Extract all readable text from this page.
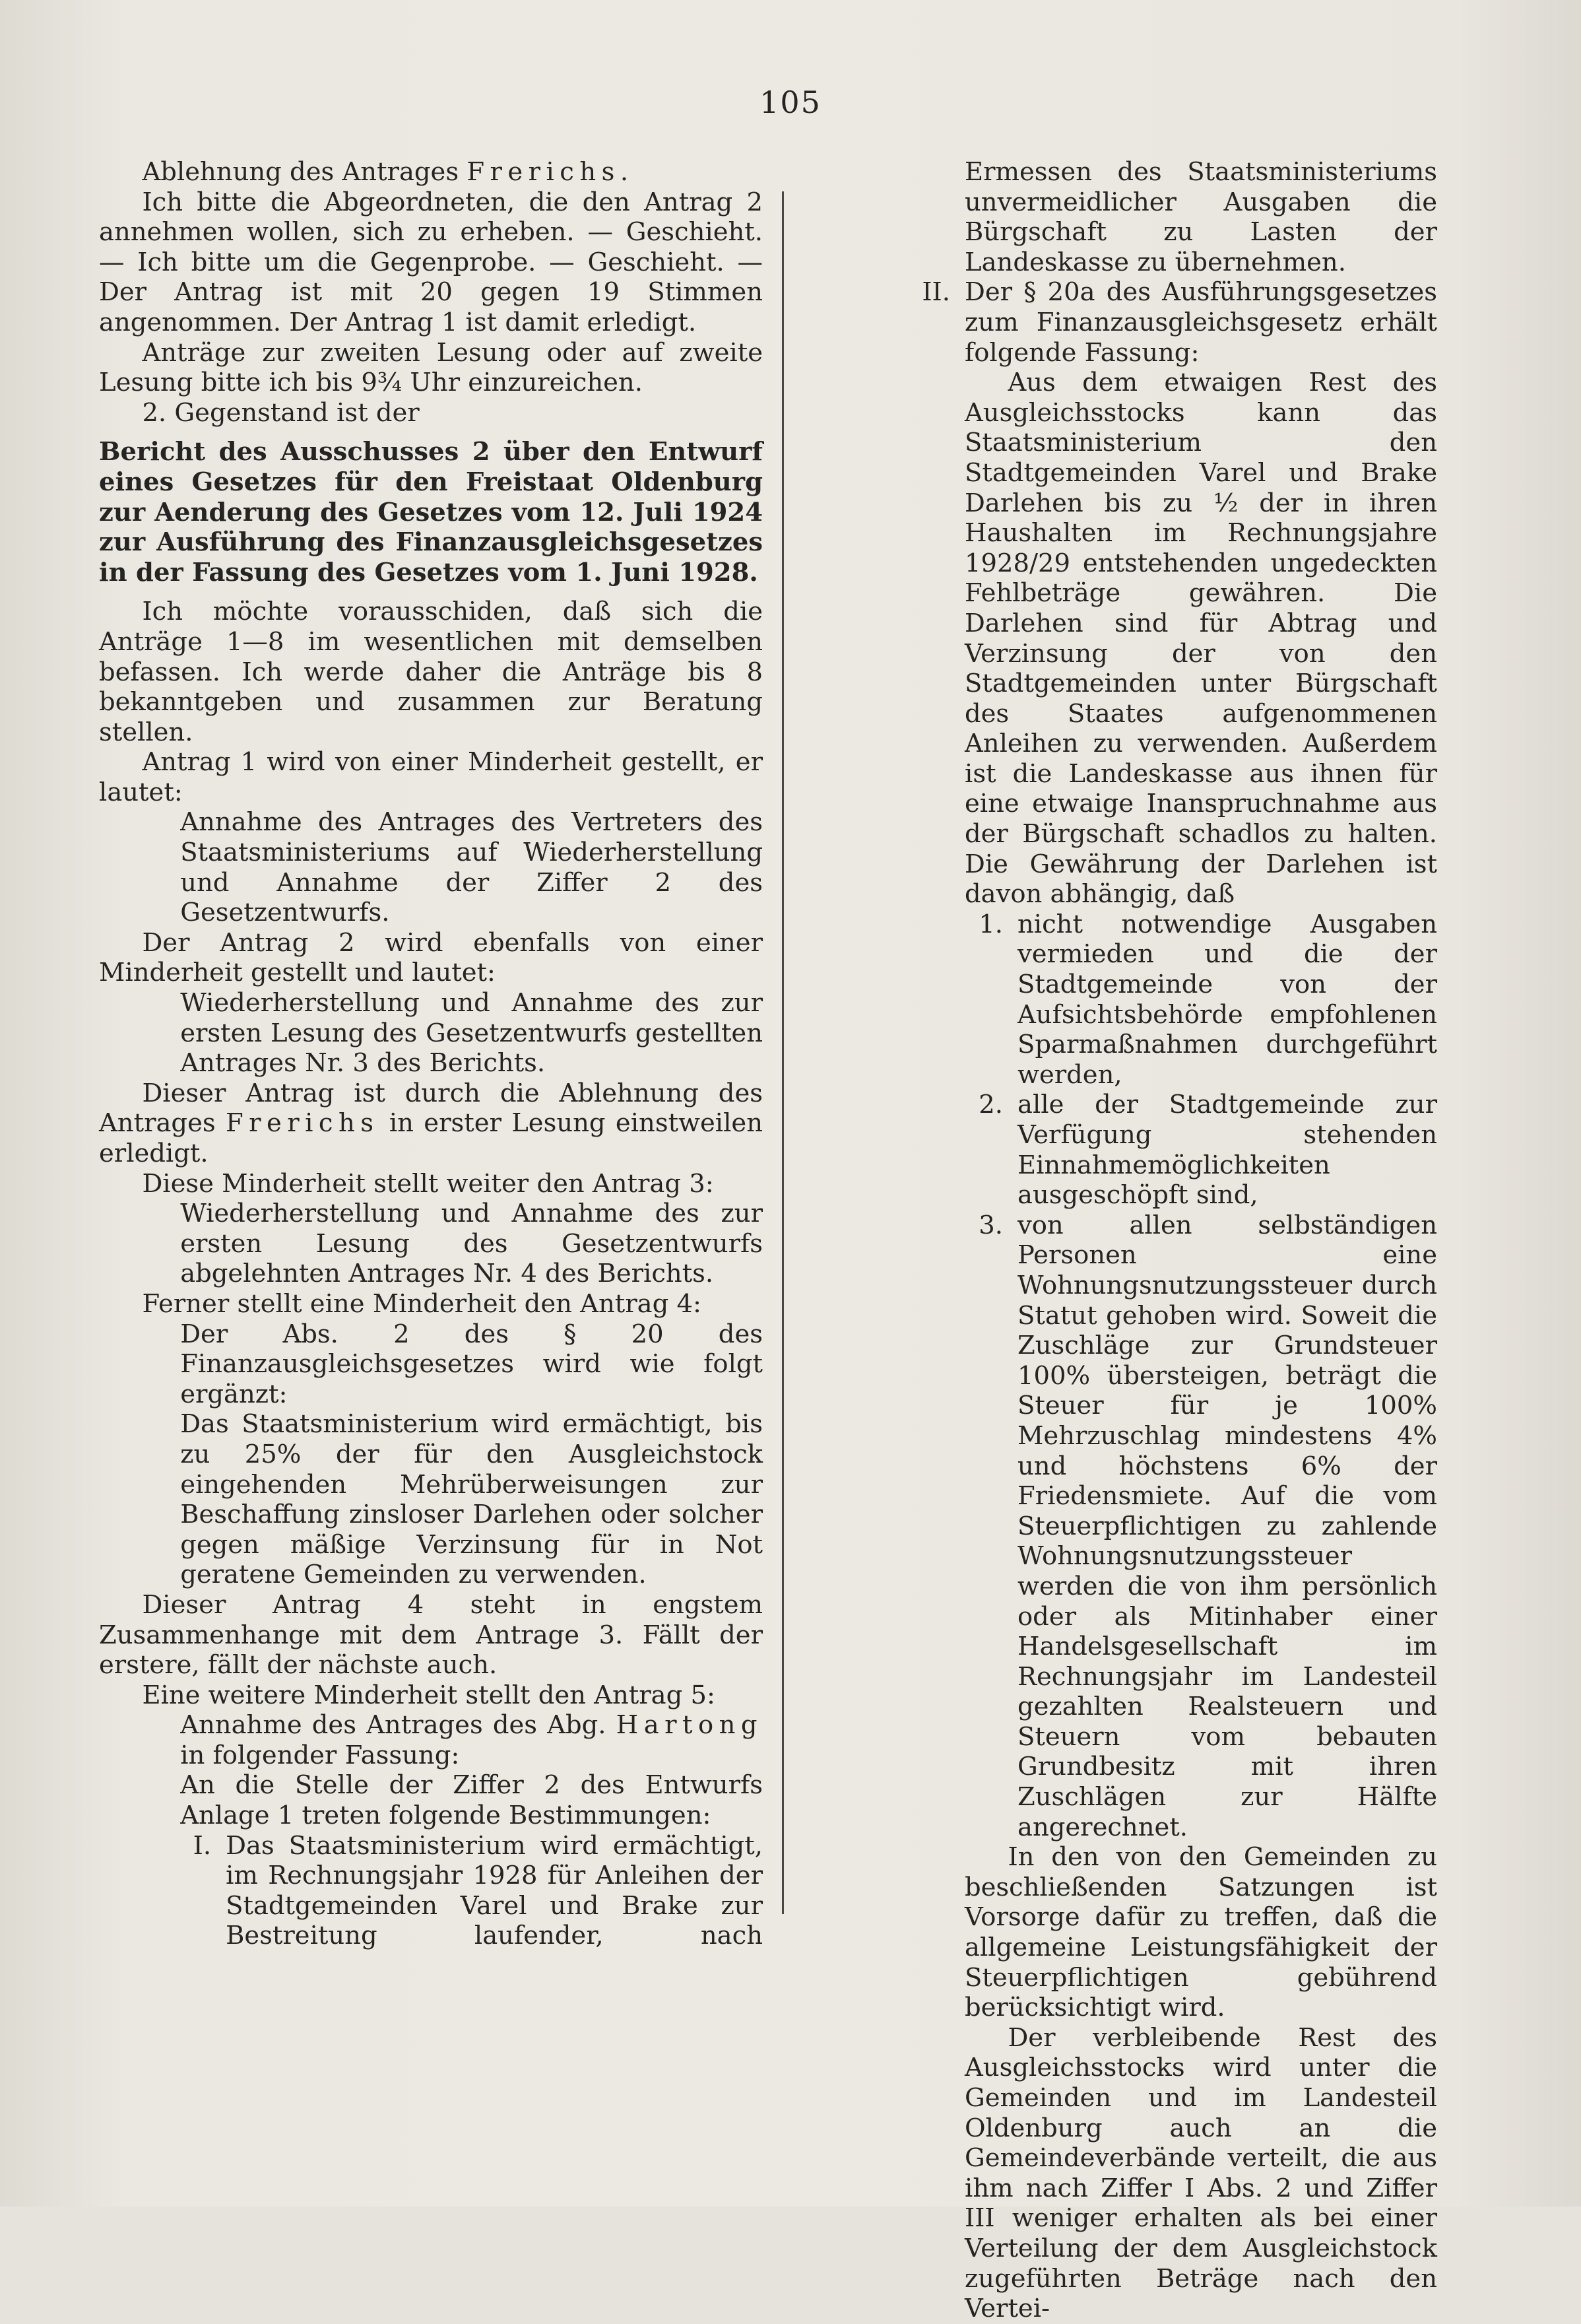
105

Ablehnung des Antrages Frerichs.

Ich bitte die Abgeordneten, die den Antrag 2 annehmen wollen, sich zu erheben. — Geschieht. — Ich bitte um die Gegenprobe. — Geschieht. — Der Antrag ist mit 20 gegen 19 Stimmen angenommen. Der Antrag 1 ist damit erledigt.

Anträge zur zweiten Lesung oder auf zweite Lesung bitte ich bis 9¾ Uhr einzureichen.

2. Gegenstand ist der

Bericht des Ausschusses 2 über den Entwurf eines Gesetzes für den Freistaat Oldenburg zur Aenderung des Gesetzes vom 12. Juli 1924 zur Ausführung des Finanzausgleichsgesetzes in der Fassung des Gesetzes vom 1. Juni 1928.

Ich möchte vorausschiden, daß sich die Anträge 1—8 im wesentlichen mit demselben befassen. Ich werde daher die Anträge bis 8 bekanntgeben und zusammen zur Beratung stellen.

Antrag 1 wird von einer Minderheit gestellt, er lautet:

Annahme des Antrages des Vertreters des Staatsministeriums auf Wiederherstellung und Annahme der Ziffer 2 des Gesetzentwurfs.

Der Antrag 2 wird ebenfalls von einer Minderheit gestellt und lautet:

Wiederherstellung und Annahme des zur ersten Lesung des Gesetzentwurfs gestellten Antrages Nr. 3 des Berichts.

Dieser Antrag ist durch die Ablehnung des Antrages Frerichs in erster Lesung einstweilen erledigt.

Diese Minderheit stellt weiter den Antrag 3:

Wiederherstellung und Annahme des zur ersten Lesung des Gesetzentwurfs abgelehnten Antrages Nr. 4 des Berichts.

Ferner stellt eine Minderheit den Antrag 4:

Der Abs. 2 des § 20 des Finanzausgleichsgesetzes wird wie folgt ergänzt:

Das Staatsministerium wird ermächtigt, bis zu 25% der für den Ausgleichstock eingehenden Mehrüberweisungen zur Beschaffung zinsloser Darlehen oder solcher gegen mäßige Verzinsung für in Not geratene Gemeinden zu verwenden.

Dieser Antrag 4 steht in engstem Zusammenhange mit dem Antrage 3. Fällt der erstere, fällt der nächste auch.

Eine weitere Minderheit stellt den Antrag 5:

Annahme des Antrages des Abg. Hartong in folgender Fassung:

An die Stelle der Ziffer 2 des Entwurfs Anlage 1 treten folgende Bestimmungen:

I. Das Staatsministerium wird ermächtigt, im Rechnungsjahr 1928 für Anleihen der Stadtgemeinden Varel und Brake zur Bestreitung laufender, nach

Ermessen des Staatsministeriums unvermeidlicher Ausgaben die Bürgschaft zu Lasten der Landeskasse zu übernehmen.

II. Der § 20a des Ausführungsgesetzes zum Finanzausgleichsgesetz erhält folgende Fassung:

Aus dem etwaigen Rest des Ausgleichsstocks kann das Staatsministerium den Stadtgemeinden Varel und Brake Darlehen bis zu ½ der in ihren Haushalten im Rechnungsjahre 1928/29 entstehenden ungedeckten Fehlbeträge gewähren. Die Darlehen sind für Abtrag und Verzinsung der von den Stadtgemeinden unter Bürgschaft des Staates aufgenommenen Anleihen zu verwenden. Außerdem ist die Landeskasse aus ihnen für eine etwaige Inanspruchnahme aus der Bürgschaft schadlos zu halten. Die Gewährung der Darlehen ist davon abhängig, daß

1. nicht notwendige Ausgaben vermieden und die der Stadtgemeinde von der Aufsichtsbehörde empfohlenen Sparmaßnahmen durchgeführt werden,
2. alle der Stadtgemeinde zur Verfügung stehenden Einnahmemöglichkeiten ausgeschöpft sind,
3. von allen selbständigen Personen eine Wohnungsnutzungssteuer durch Statut gehoben wird. Soweit die Zuschläge zur Grundsteuer 100% übersteigen, beträgt die Steuer für je 100% Mehrzuschlag mindestens 4% und höchstens 6% der Friedensmiete. Auf die vom Steuerpflichtigen zu zahlende Wohnungsnutzungssteuer werden die von ihm persönlich oder als Mitinhaber einer Handelsgesellschaft im Rechnungsjahr im Landesteil gezahlten Realsteuern und Steuern vom bebauten Grundbesitz mit ihren Zuschlägen zur Hälfte angerechnet.

In den von den Gemeinden zu beschließenden Satzungen ist Vorsorge dafür zu treffen, daß die allgemeine Leistungsfähigkeit der Steuerpflichtigen gebührend berücksichtigt wird.

Der verbleibende Rest des Ausgleichsstocks wird unter die Gemeinden und im Landesteil Oldenburg auch an die Gemeindeverbände verteilt, die aus ihm nach Ziffer I Abs. 2 und Ziffer III weniger erhalten als bei einer Verteilung der dem Ausgleichstock zugeführten Beträge nach den Vertei-
